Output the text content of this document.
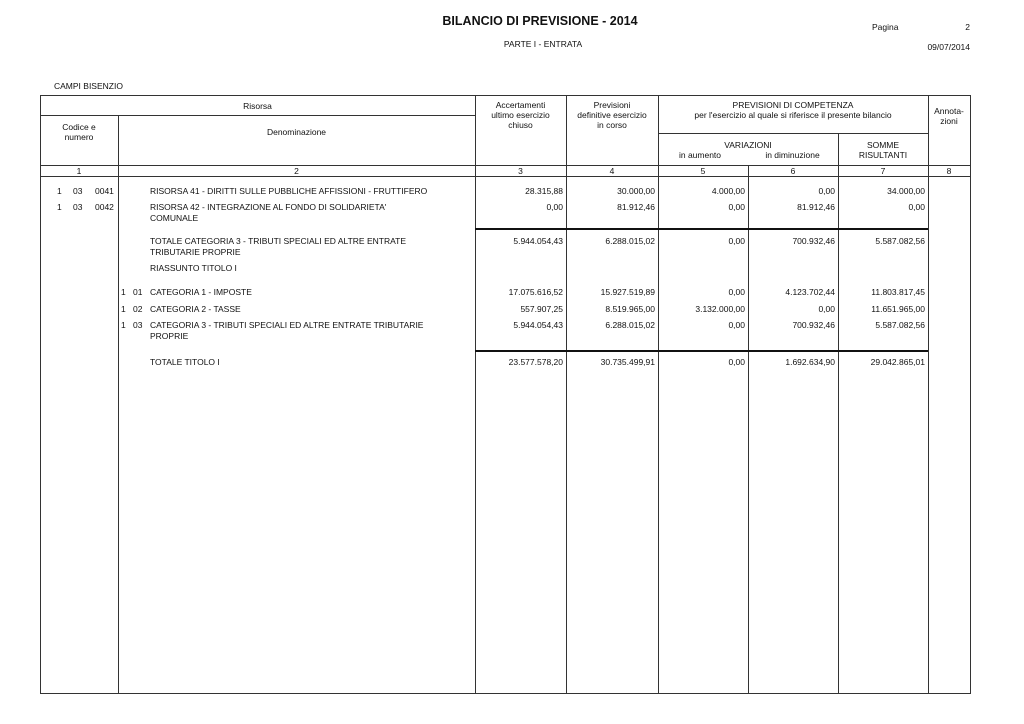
BILANCIO DI PREVISIONE - 2014
PARTE I - ENTRATA
Pagina	2
09/07/2014
CAMPI BISENZIO
Risorsa
Codice e
numero	Denominazione
Accertamenti
ultimo esercizio
chiuso
Previsioni
definitive esercizio
in corso
PREVISIONI DI COMPETENZA
per l'esercizio al quale si riferisce il presente bilancio
VARIAZIONI
in aumento	in diminuzione
SOMME
RISULTANTI
Annota-
zioni
1	2	3	4	5	6	7	8
1 03 0041	RISORSA 41 - DIRITTI SULLE PUBBLICHE AFFISSIONI - FRUTTIFERO	28.315,88	30.000,00	4.000,00	0,00	34.000,00
1 03 0042	RISORSA 42 - INTEGRAZIONE AL FONDO DI SOLIDARIETA'
COMUNALE
0,00	81.912,46	0,00	81.912,46	0,00
TOTALE CATEGORIA 3 - TRIBUTI SPECIALI ED ALTRE ENTRATE
TRIBUTARIE PROPRIE
5.944.054,43	6.288.015,02	0,00	700.932,46	5.587.082,56
RIASSUNTO TITOLO I
1 01 CATEGORIA 1 - IMPOSTE	17.075.616,52	15.927.519,89	0,00	4.123.702,44	11.803.817,45
1 02 CATEGORIA 2 - TASSE	557.907,25	8.519.965,00	3.132.000,00	0,00	11.651.965,00
1 03 CATEGORIA 3 - TRIBUTI SPECIALI ED ALTRE ENTRATE TRIBUTARIE
PROPRIE
5.944.054,43	6.288.015,02	0,00	700.932,46	5.587.082,56
TOTALE TITOLO I	23.577.578,20	30.735.499,91	0,00	1.692.634,90	29.042.865,01
